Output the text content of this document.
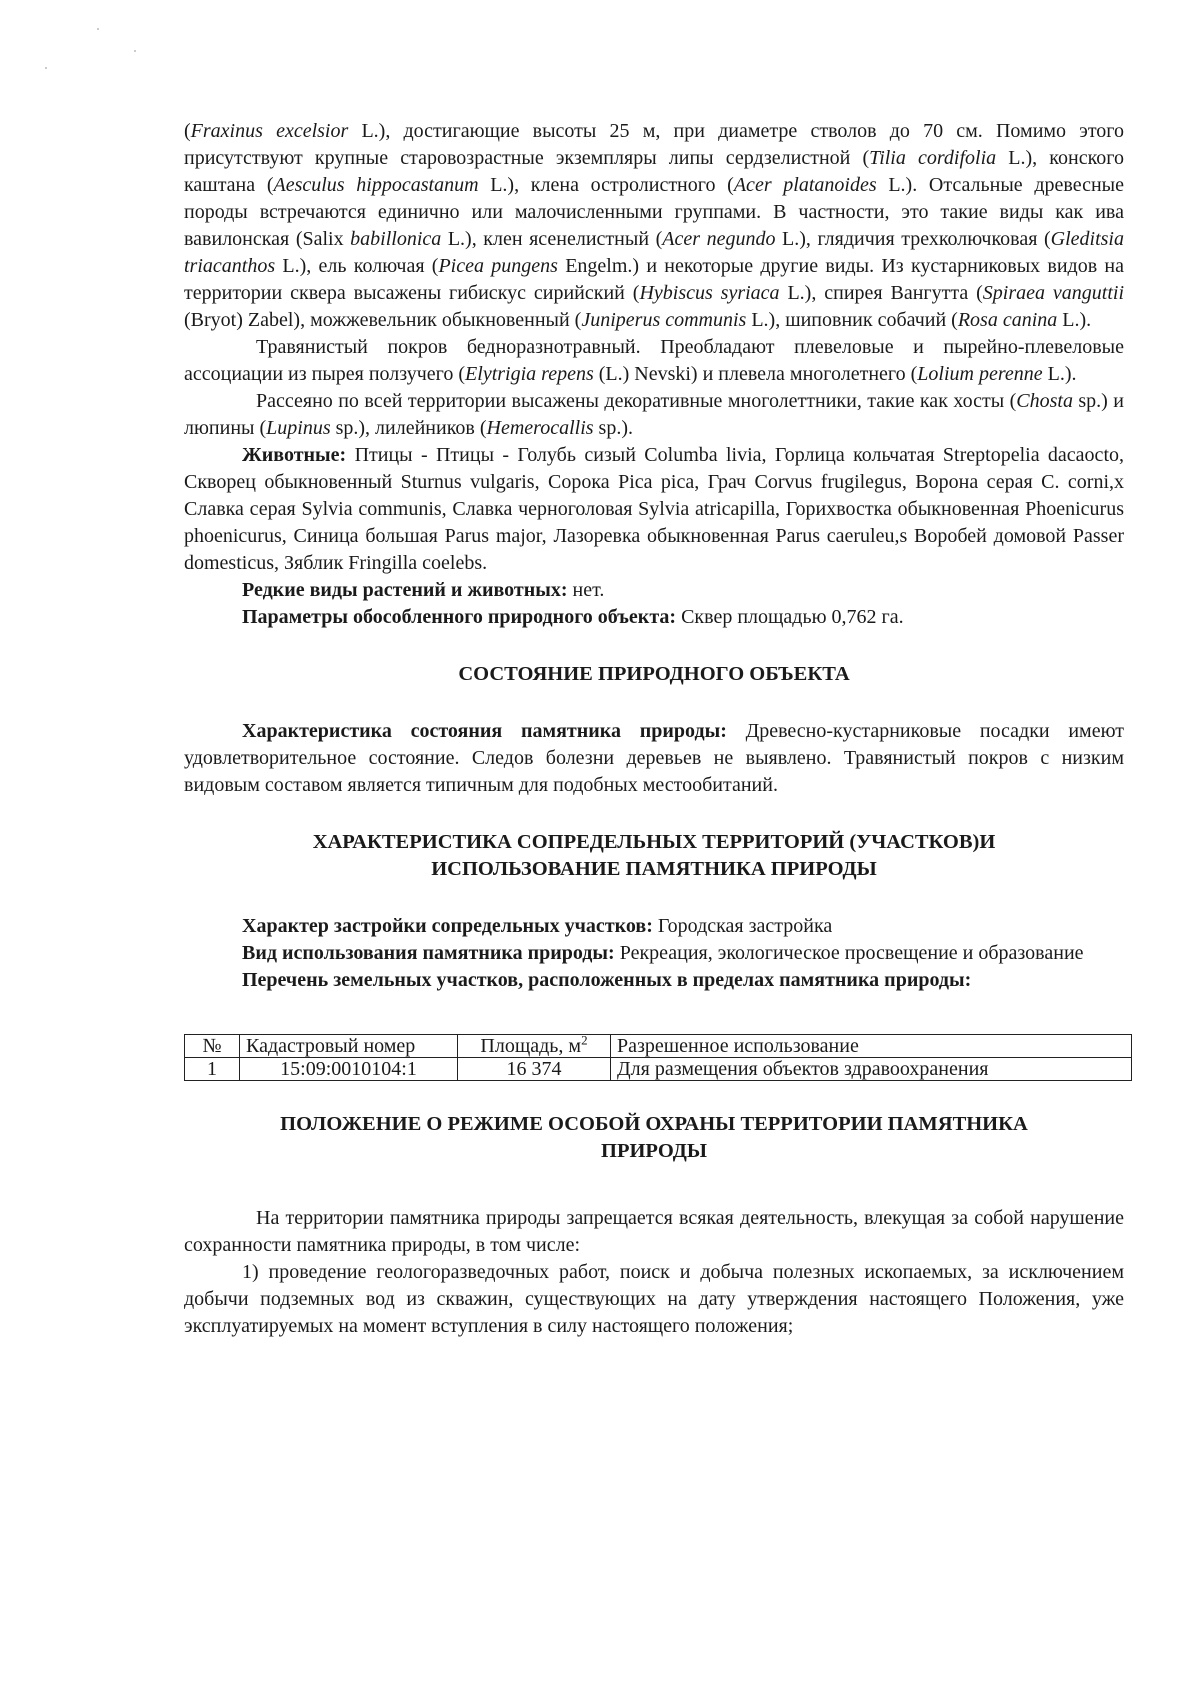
(Fraxinus excelsior L.), достигающие высоты 25 м, при диаметре стволов до 70 см. Помимо этого присутствуют крупные старовозрастные экземпляры липы сердзелистной (Tilia cordifolia L.), конского каштана (Aesculus hippocastanum L.), клена остролистного (Acer platanoides L.). Отсальные древесные породы встречаются единично или малочисленными группами. В частности, это такие виды как ива вавилонская (Salix babillonica L.), клен ясенелистный (Acer negundo L.), глядичия трехколючковая (Gleditsia triacanthos L.), ель колючая (Picea pungens Engelm.) и некоторые другие виды. Из кустарниковых видов на территории сквера высажены гибискус сирийский (Hybiscus syriaca L.), спирея Вангутта (Spiraea vanguttii (Bryot) Zabel), можжевельник обыкновенный (Juniperus communis L.), шиповник собачий (Rosa canina L.).

Травянистый покров бедноразнотравный. Преобладают плевеловые и пырейно-плевеловые ассоциации из пырея ползучего (Elytrigia repens (L.) Nevski) и плевела многолетнего (Lolium perenne L.).

Рассеяно по всей территории высажены декоративные многолеттники, такие как хосты (Chosta sp.) и люпины (Lupinus sp.), лилейников (Hemerocallis sp.).

Животные: Птицы - Птицы - Голубь сизый Columba livia, Горлица кольчатая Streptopelia dacaocto, Скворец обыкновенный Sturnus vulgaris, Сорока Pica pica, Грач Corvus frugilegus, Ворона серая C. corni,x Славка серая Sylvia communis, Славка черноголовая Sylvia atricapilla, Горихвостка обыкновенная Phoenicurus phoenicurus, Синица большая Parus major, Лазоревка обыкновенная Parus caeruleu,s Воробей домовой Passer domesticus, Зяблик Fringilla coelebs.

Редкие виды растений и животных: нет.

Параметры обособленного природного объекта: Сквер площадью 0,762 га.

СОСТОЯНИЕ ПРИРОДНОГО ОБЪЕКТА

Характеристика состояния памятника природы: Древесно-кустарниковые посадки имеют удовлетворительное состояние. Следов болезни деревьев не выявлено. Травянистый покров с низким видовым составом является типичным для подобных местообитаний.

ХАРАКТЕРИСТИКА СОПРЕДЕЛЬНЫХ ТЕРРИТОРИЙ (УЧАСТКОВ)И
ИСПОЛЬЗОВАНИЕ ПАМЯТНИКА ПРИРОДЫ

Характер застройки сопредельных участков: Городская застройка

Вид использования памятника природы: Рекреация, экологическое просвещение и образование

Перечень земельных участков, расположенных в пределах памятника природы:

№	Кадастровый номер	Площадь, $м^2$	Разрешенное использование
1	15:09:0010104:1	16 374	Для размещения объектов здравоохранения
ПОЛОЖЕНИЕ О РЕЖИМЕ ОСОБОЙ ОХРАНЫ ТЕРРИТОРИИ ПАМЯТНИКА
ПРИРОДЫ

На территории памятника природы запрещается всякая деятельность, влекущая за собой нарушение сохранности памятника природы, в том числе:

1) проведение геологоразведочных работ, поиск и добыча полезных ископаемых, за исключением добычи подземных вод из скважин, существующих на дату утверждения настоящего Положения, уже эксплуатируемых на момент вступления в силу настоящего положения;
